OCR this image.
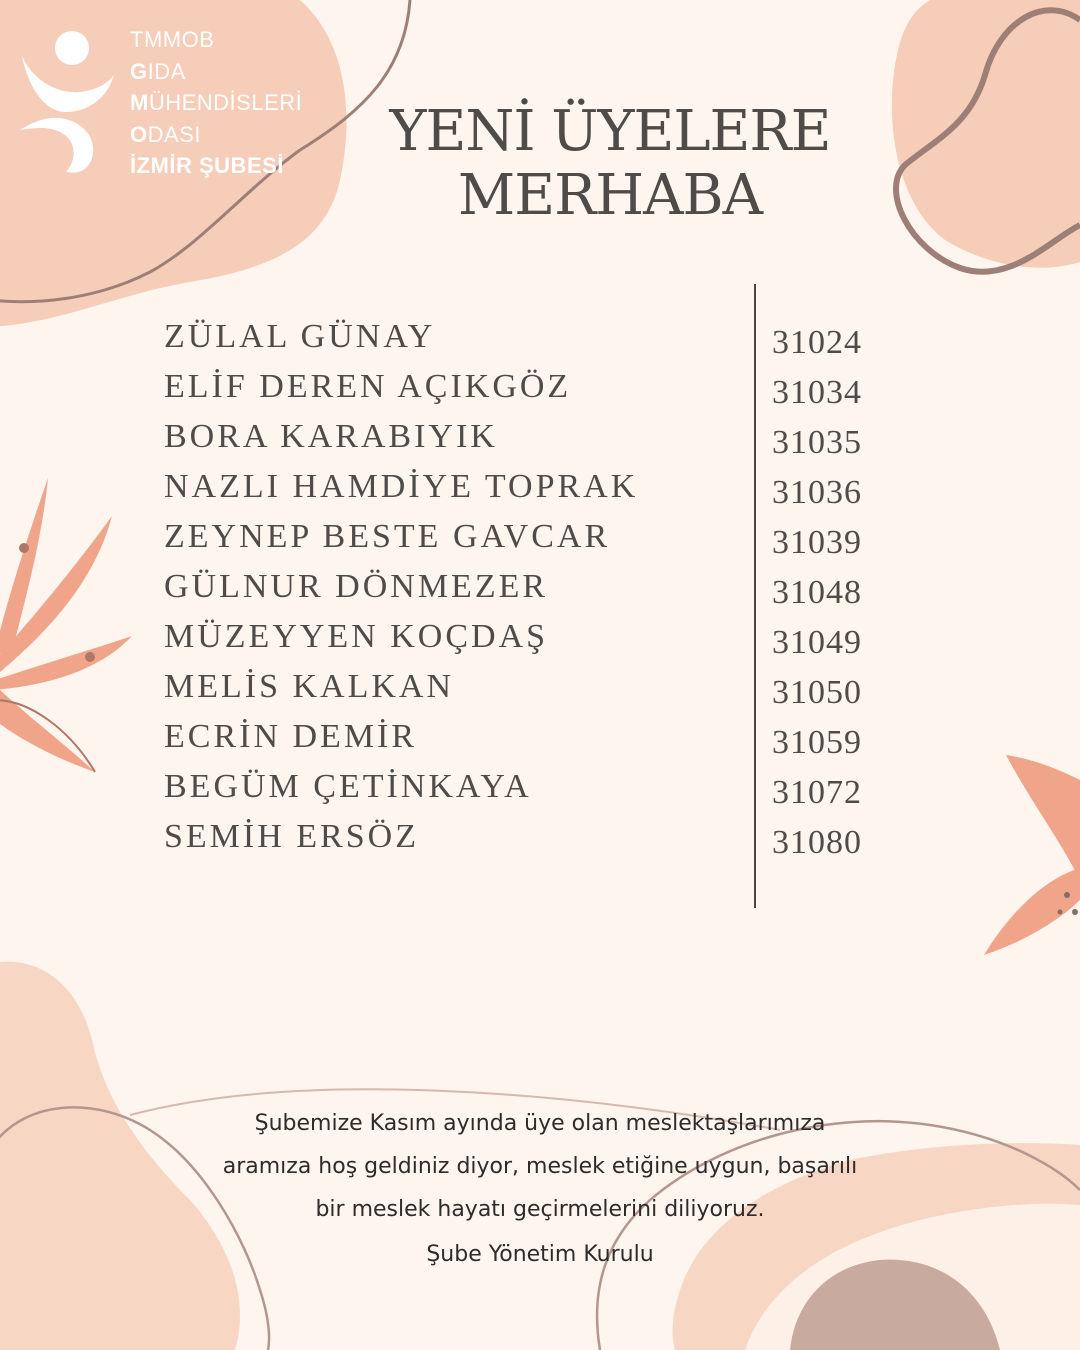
TMMOB
GIDA
MÜHENDİSLERİ
ODASI
İZMİR ŞUBESİ
YENİ ÜYELERE
MERHABA
ZÜLAL GÜNAY	31024
ELİF DEREN AÇIKGÖZ	31034
BORA KARABIYIK	31035
NAZLI HAMDİYE TOPRAK	31036
ZEYNEP BESTE GAVCAR	31039
GÜLNUR DÖNMEZER	31048
MÜZEYYEN KOÇDAŞ	31049
MELİS KALKAN	31050
ECRİN DEMİR	31059
BEGÜM ÇETİNKAYA	31072
SEMİH ERSÖZ	31080
Şubemize Kasım ayında üye olan meslektaşlarımıza
aramıza hoş geldiniz diyor, meslek etiğine uygun, başarılı
bir meslek hayatı geçirmelerini diliyoruz.
Şube Yönetim Kurulu
